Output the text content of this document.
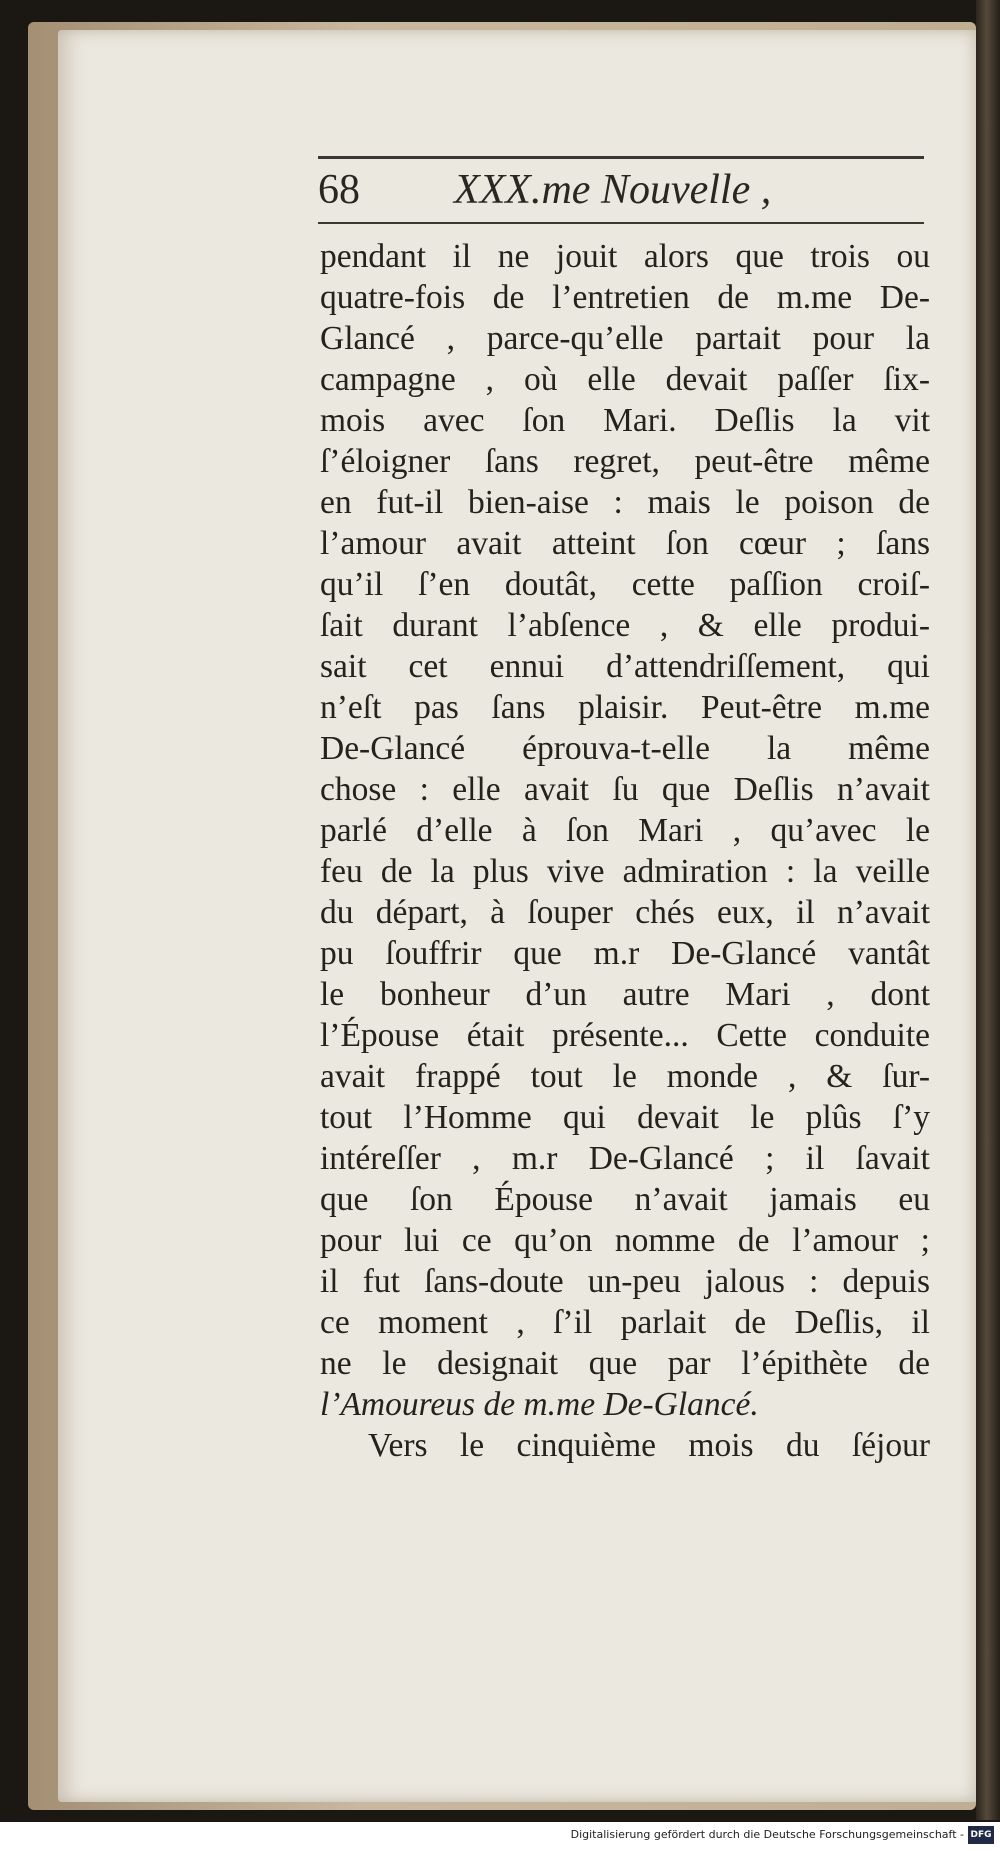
68 XXX.me Nouvelle ,
pendant il ne jouit alors que trois ou
quatre-fois de l’entretien de m.me De-
Glancé , parce-qu’elle partait pour la
campagne , où elle devait paſſer ſix-
mois avec ſon Mari. Deſlis la vit
ſ’éloigner ſans regret, peut-être même
en fut-il bien-aise : mais le poison de
l’amour avait atteint ſon cœur ; ſans
qu’il ſ’en doutât, cette paſſion croiſ-
ſait durant l’abſence , & elle produi-
sait cet ennui d’attendriſſement, qui
n’eſt pas ſans plaisir. Peut-être m.me
De-Glancé éprouva-t-elle la même
chose : elle avait ſu que Deſlis n’avait
parlé d’elle à ſon Mari , qu’avec le
feu de la plus vive admiration : la veille
du départ, à ſouper chés eux, il n’avait
pu ſouffrir que m.r De-Glancé vantât
le bonheur d’un autre Mari , dont
l’Épouse était présente... Cette conduite
avait frappé tout le monde , & ſur-
tout l’Homme qui devait le plûs ſ’y
intéreſſer , m.r De-Glancé ; il ſavait
que ſon Épouse n’avait jamais eu
pour lui ce qu’on nomme de l’amour ;
il fut ſans-doute un-peu jalous : depuis
ce moment , ſ’il parlait de Deſlis, il
ne le designait que par l’épithète de
l’Amoureus de m.me De-Glancé.
Vers le cinquième mois du ſéjour
Digitalisierung gefördert durch die Deutsche Forschungsgemeinschaft - DFG
